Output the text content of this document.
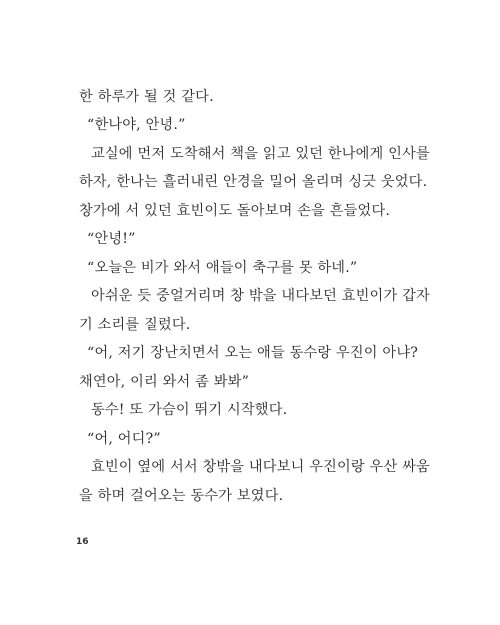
한 하루가 될 것 같다.
“한나야, 안녕.”
교실에 먼저 도착해서 책을 읽고 있던 한나에게 인사를
하자, 한나는 흘러내린 안경을 밀어 올리며 싱긋 웃었다.
창가에 서 있던 효빈이도 돌아보며 손을 흔들었다.
“안녕!”
“오늘은 비가 와서 애들이 축구를 못 하네.”
아쉬운 듯 중얼거리며 창 밖을 내다보던 효빈이가 갑자
기 소리를 질렀다.
“어, 저기 장난치면서 오는 애들 동수랑 우진이 아냐?
채연아, 이리 와서 좀 봐봐”
동수! 또 가슴이 뛰기 시작했다.
“어, 어디?”
효빈이 옆에 서서 창밖을 내다보니 우진이랑 우산 싸움
을 하며 걸어오는 동수가 보였다.
16
